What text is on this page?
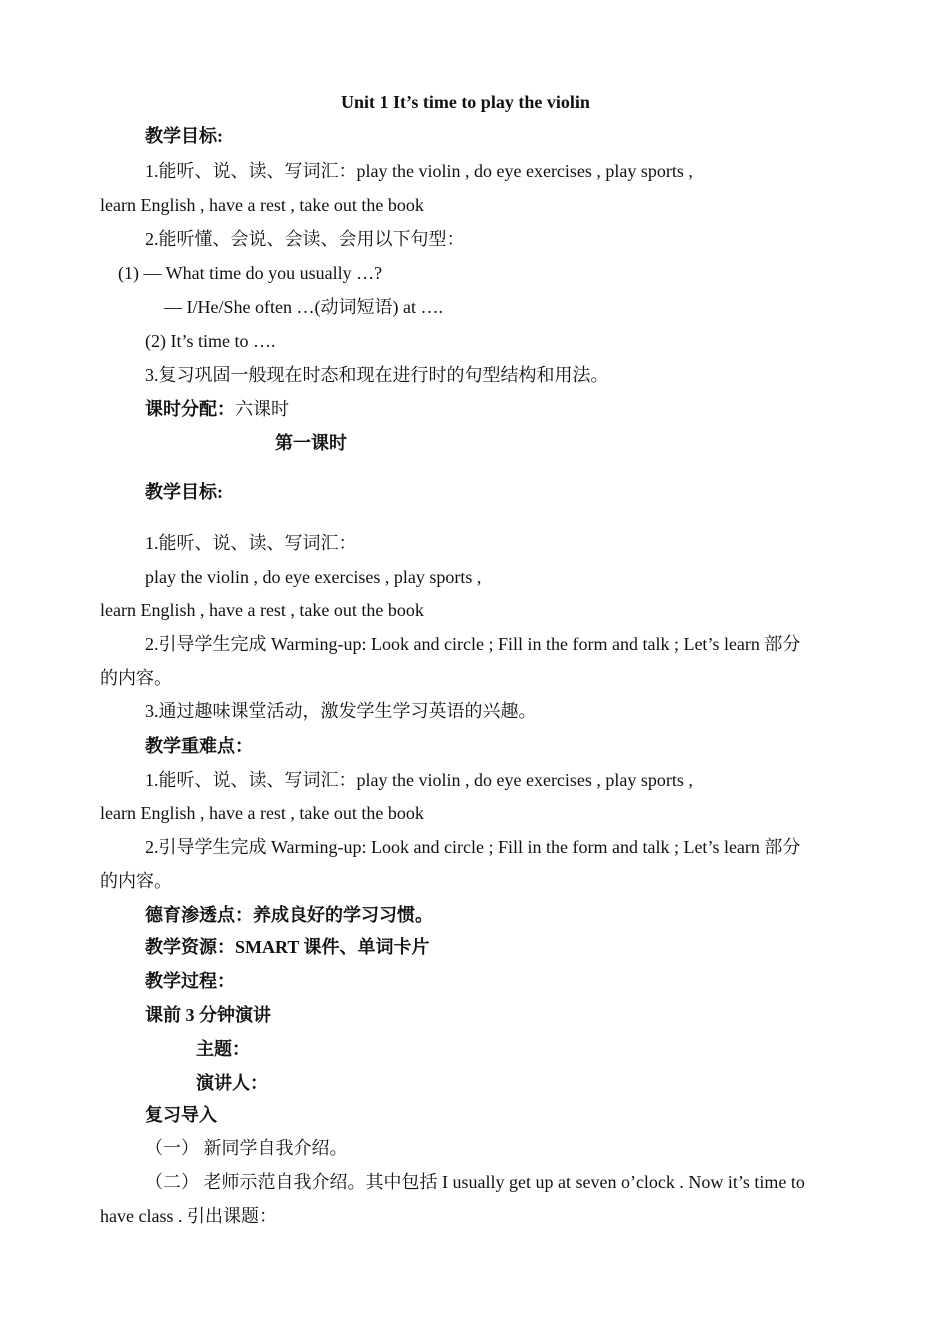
Unit 1 It’s time to play the violin
教学目标:
1.能听、说、读、写词汇：play the violin , do eye exercises , play sports ,
learn English , have a rest , take out the book
2.能听懂、会说、会读、会用以下句型：
(1) — What time do you usually …?
— I/He/She often …(动词短语) at ….
(2) It’s time to ….
3.复习巩固一般现在时态和现在进行时的句型结构和用法。
课时分配：六课时
第一课时
教学目标:
1.能听、说、读、写词汇：
play the violin , do eye exercises , play sports ,
learn English , have a rest , take out the book
2.引导学生完成 Warming-up: Look and circle ; Fill in the form and talk ; Let’s learn 部分
的内容。
3.通过趣味课堂活动，激发学生学习英语的兴趣。
教学重难点：
1.能听、说、读、写词汇：play the violin , do eye exercises , play sports ,
learn English , have a rest , take out the book
2.引导学生完成 Warming-up: Look and circle ; Fill in the form and talk ; Let’s learn 部分
的内容。
德育渗透点：养成良好的学习习惯。
教学资源：SMART 课件、单词卡片
教学过程：
课前 3 分钟演讲
主题：
演讲人：
复习导入
（一） 新同学自我介绍。
（二） 老师示范自我介绍。其中包括 I usually get up at seven o’clock . Now it’s time to
have class . 引出课题：
